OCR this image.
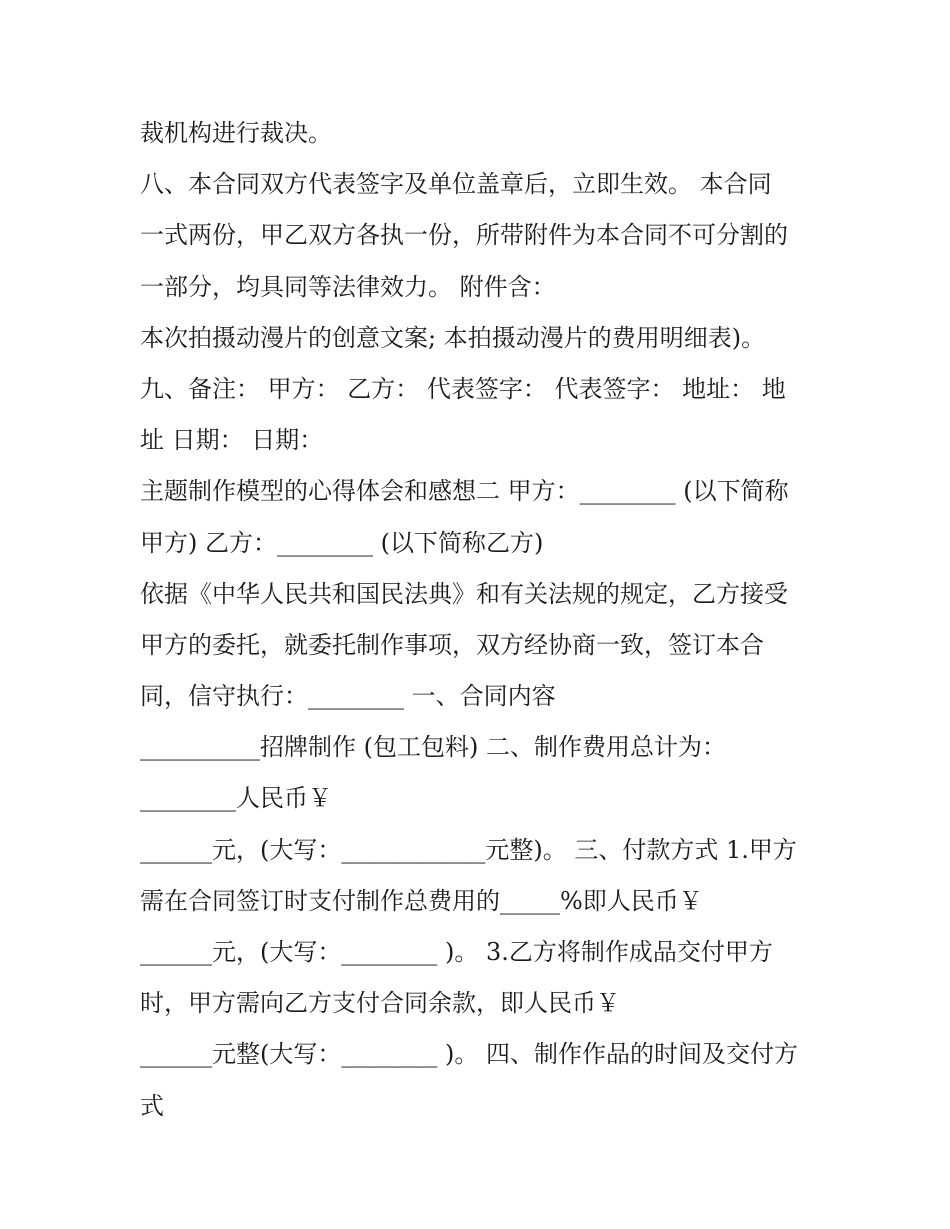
裁机构进行裁决。
八、本合同双方代表签字及单位盖章后，立即生效。 本合同
一式两份，甲乙双方各执一份，所带附件为本合同不可分割的
一部分，均具同等法律效力。 附件含：
本次拍摄动漫片的创意文案; 本拍摄动漫片的费用明细表)。
九、备注： 甲方： 乙方： 代表签字： 代表签字： 地址： 地
址 日期： 日期：
主题制作模型的心得体会和感想二 甲方：________ (以下简称
甲方) 乙方：________ (以下简称乙方)
依据《中华人民共和国民法典》和有关法规的规定，乙方接受
甲方的委托，就委托制作事项，双方经协商一致，签订本合
同，信守执行：________ 一、合同内容
__________招牌制作 (包工包料) 二、制作费用总计为：
________人民币￥
______元，(大写：____________元整)。 三、付款方式 1.甲方
需在合同签订时支付制作总费用的_____%即人民币￥
______元，(大写：________ )。 3.乙方将制作成品交付甲方
时，甲方需向乙方支付合同余款，即人民币￥
______元整(大写：________ )。 四、制作作品的时间及交付方
式
